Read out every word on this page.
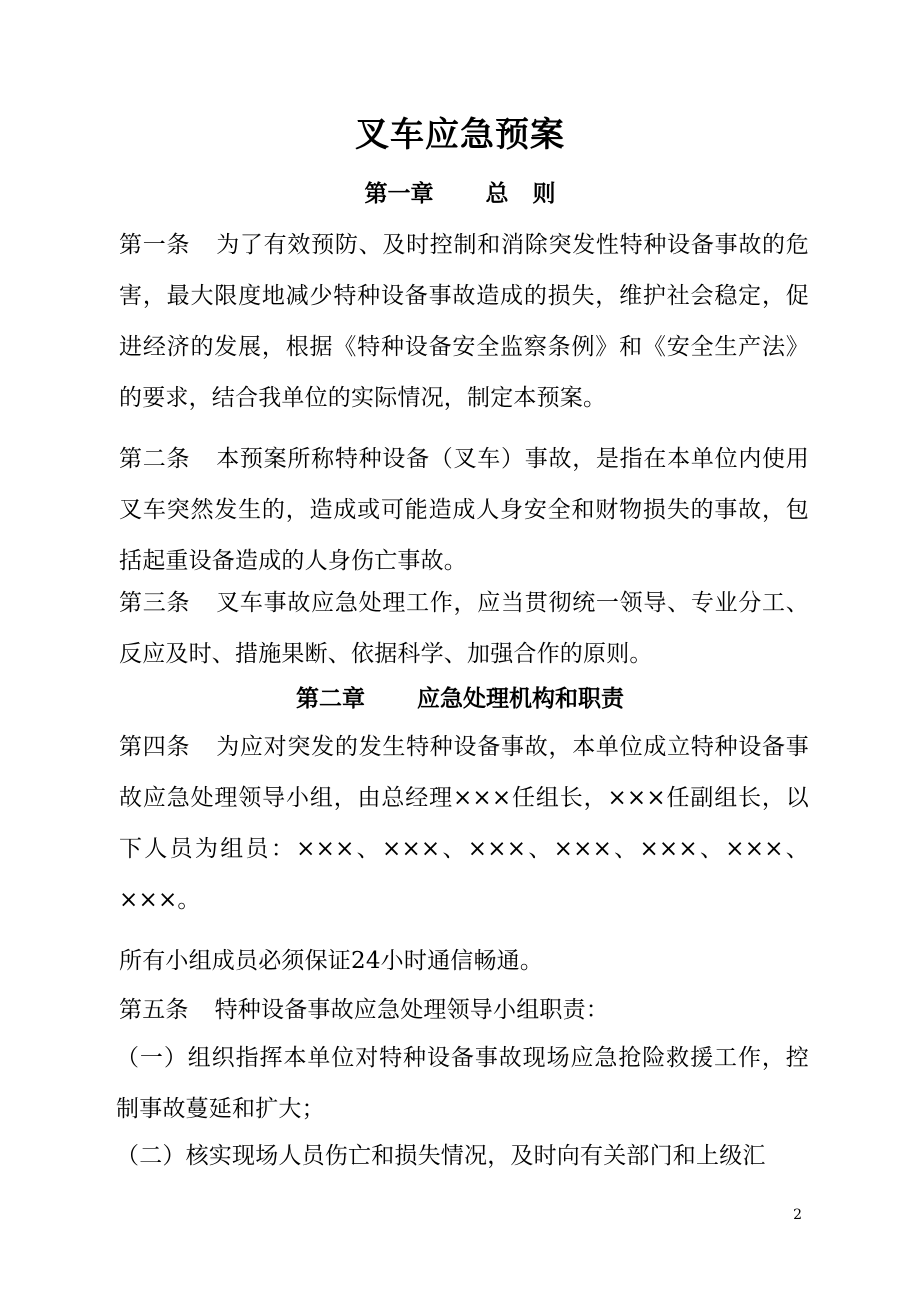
叉车应急预案
第一章 总 则
第一条 为了有效预防、及时控制和消除突发性特种设备事故的危害，最大限度地减少特种设备事故造成的损失，维护社会稳定，促进经济的发展，根据《特种设备安全监察条例》和《安全生产法》的要求，结合我单位的实际情况，制定本预案。
第二条 本预案所称特种设备（叉车）事故，是指在本单位内使用叉车突然发生的，造成或可能造成人身安全和财物损失的事故，包括起重设备造成的人身伤亡事故。
第三条 叉车事故应急处理工作，应当贯彻统一领导、专业分工、反应及时、措施果断、依据科学、加强合作的原则。
第二章 应急处理机构和职责
第四条 为应对突发的发生特种设备事故，本单位成立特种设备事故应急处理领导小组，由总经理×××任组长，×××任副组长，以下人员为组员：×××、×××、×××、×××、×××、×××、×××。
所有小组成员必须保证24小时通信畅通。
第五条 特种设备事故应急处理领导小组职责：
（一）组织指挥本单位对特种设备事故现场应急抢险救援工作，控制事故蔓延和扩大；
（二）核实现场人员伤亡和损失情况，及时向有关部门和上级汇
2
